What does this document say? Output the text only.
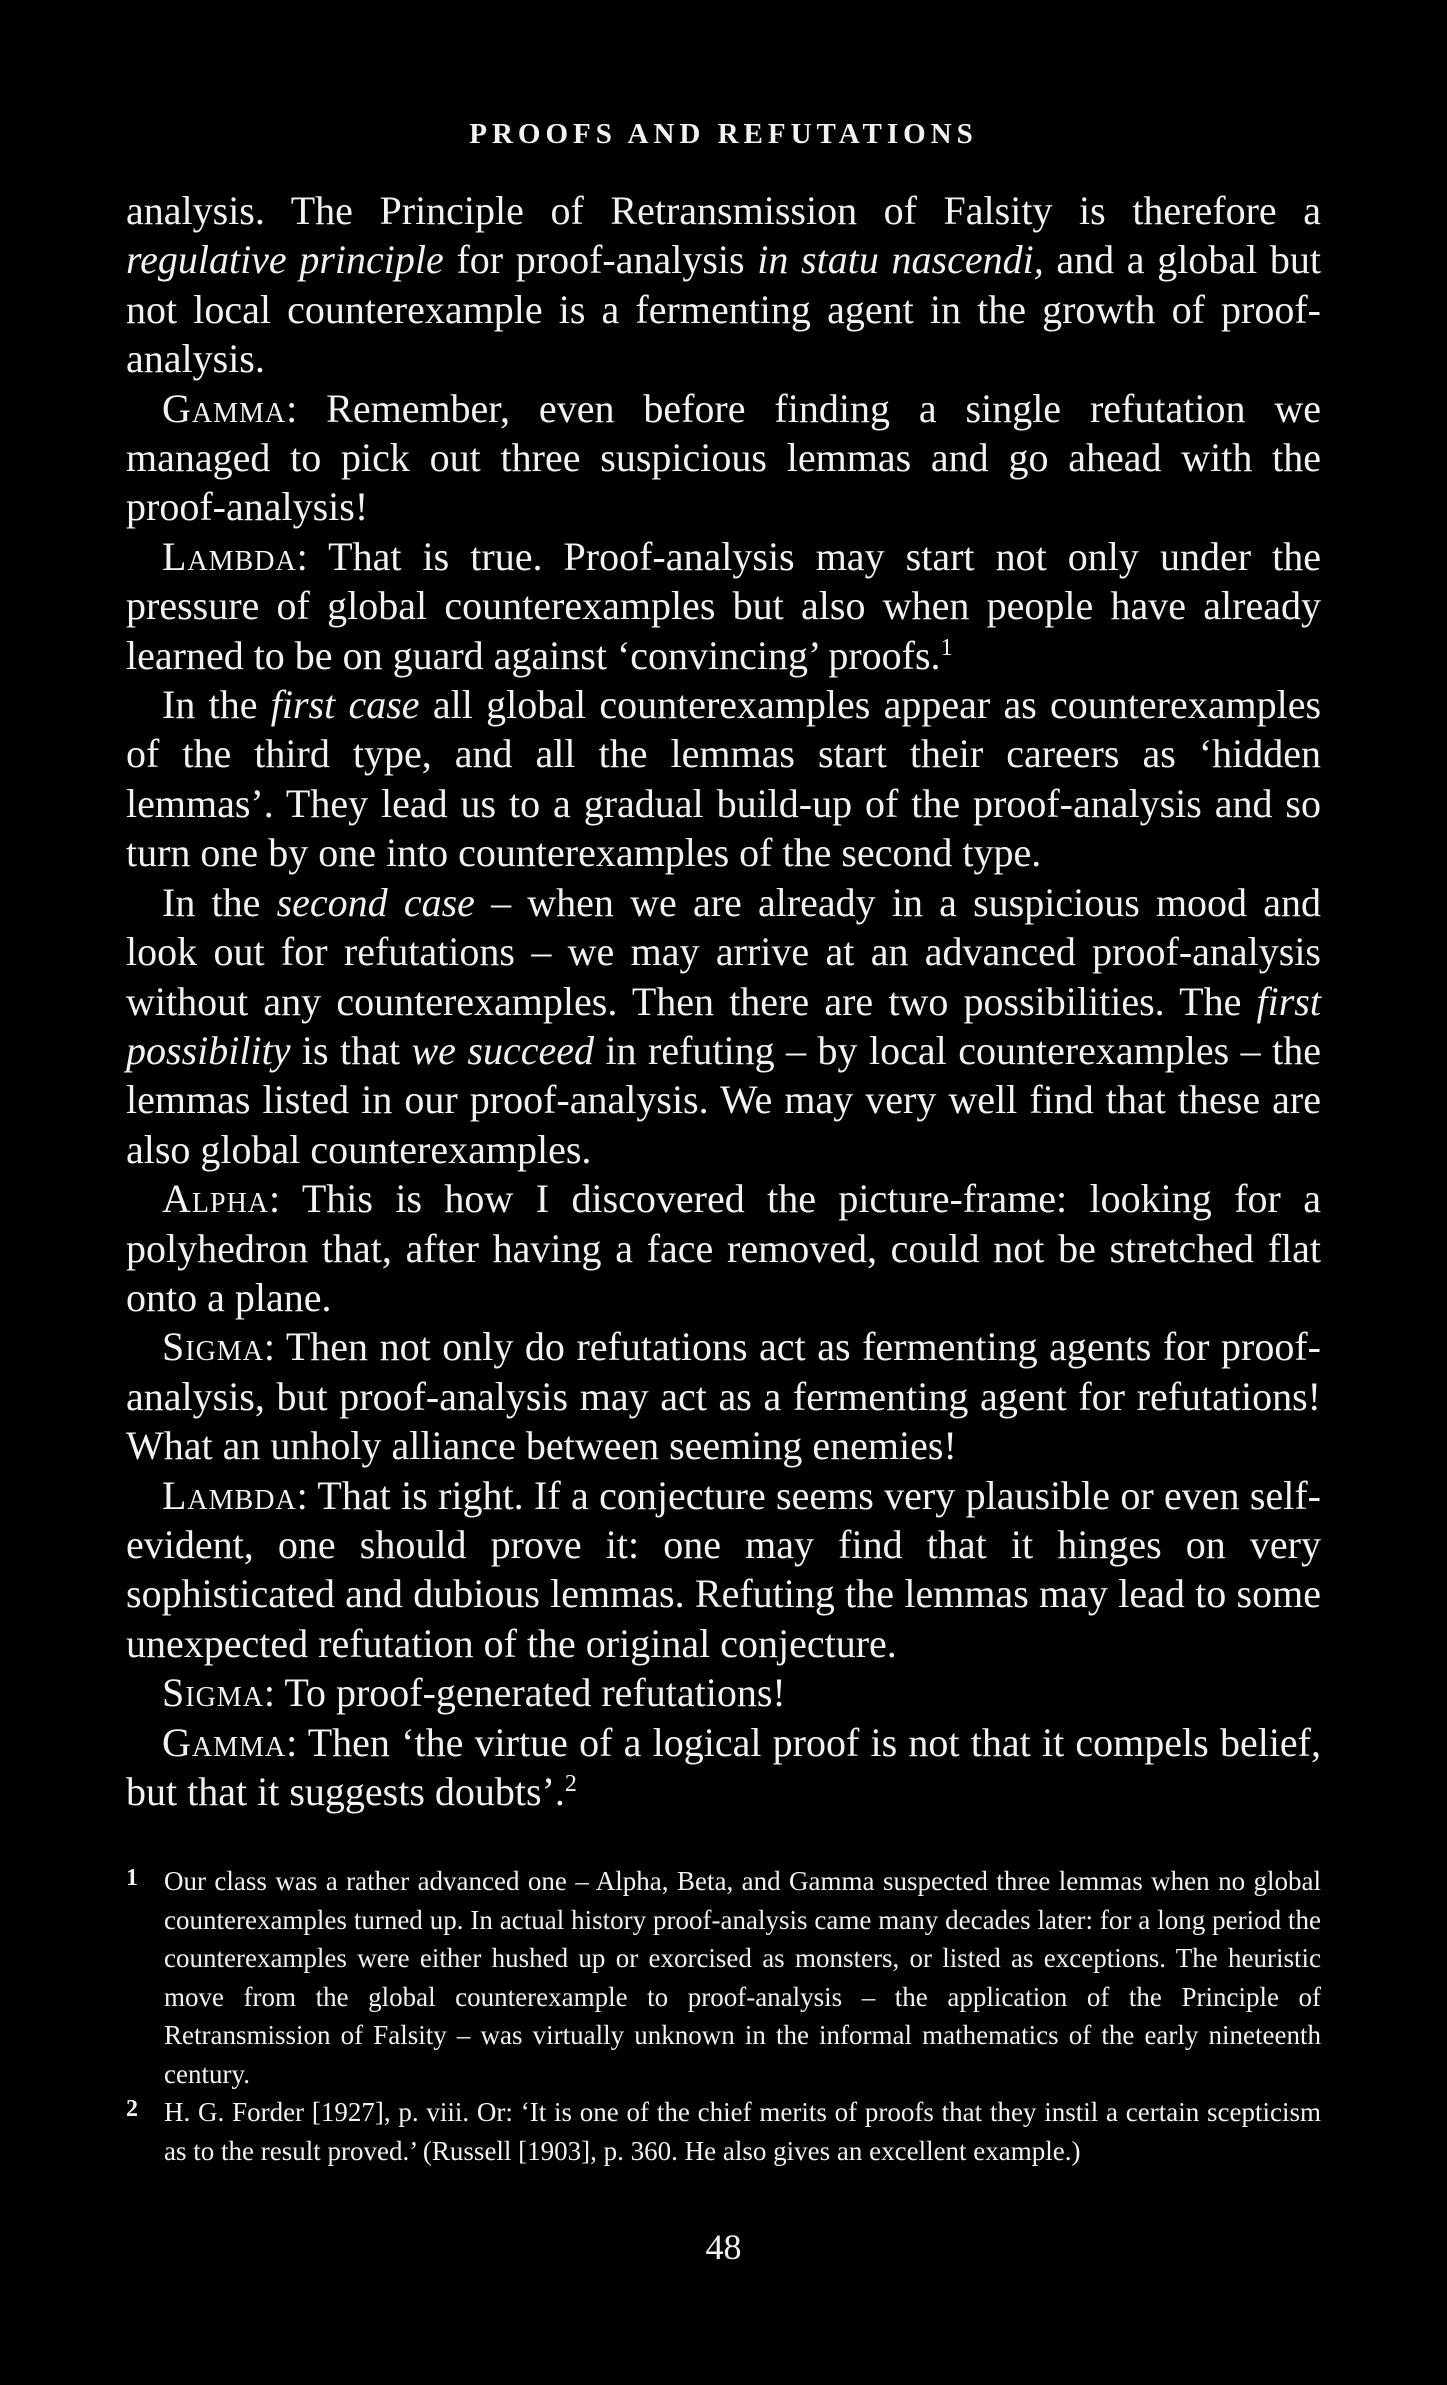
PROOFS AND REFUTATIONS

analysis. The Principle of Retransmission of Falsity is therefore a regulative principle for proof-analysis in statu nascendi, and a global but not local counterexample is a fermenting agent in the growth of proof-analysis.

Gamma: Remember, even before finding a single refutation we managed to pick out three suspicious lemmas and go ahead with the proof-analysis!

Lambda: That is true. Proof-analysis may start not only under the pressure of global counterexamples but also when people have already learned to be on guard against ‘convincing’ proofs.$^1$

In the first case all global counterexamples appear as counterexamples of the third type, and all the lemmas start their careers as ‘hidden lemmas’. They lead us to a gradual build-up of the proof-analysis and so turn one by one into counterexamples of the second type.

In the second case – when we are already in a suspicious mood and look out for refutations – we may arrive at an advanced proof-analysis without any counterexamples. Then there are two possibilities. The first possibility is that we succeed in refuting – by local counterexamples – the lemmas listed in our proof-analysis. We may very well find that these are also global counterexamples.

Alpha: This is how I discovered the picture-frame: looking for a polyhedron that, after having a face removed, could not be stretched flat onto a plane.

Sigma: Then not only do refutations act as fermenting agents for proof-analysis, but proof-analysis may act as a fermenting agent for refutations! What an unholy alliance between seeming enemies!

Lambda: That is right. If a conjecture seems very plausible or even self-evident, one should prove it: one may find that it hinges on very sophisticated and dubious lemmas. Refuting the lemmas may lead to some unexpected refutation of the original conjecture.

Sigma: To proof-generated refutations!

Gamma: Then ‘the virtue of a logical proof is not that it compels belief, but that it suggests doubts’.$^2$

1 Our class was a rather advanced one – Alpha, Beta, and Gamma suspected three lemmas when no global counterexamples turned up. In actual history proof-analysis came many decades later: for a long period the counterexamples were either hushed up or exorcised as monsters, or listed as exceptions. The heuristic move from the global counterexample to proof-analysis – the application of the Principle of Retransmission of Falsity – was virtually unknown in the informal mathematics of the early nineteenth century.

2 H. G. Forder [1927], p. viii. Or: ‘It is one of the chief merits of proofs that they instil a certain scepticism as to the result proved.’ (Russell [1903], p. 360. He also gives an excellent example.)

48
